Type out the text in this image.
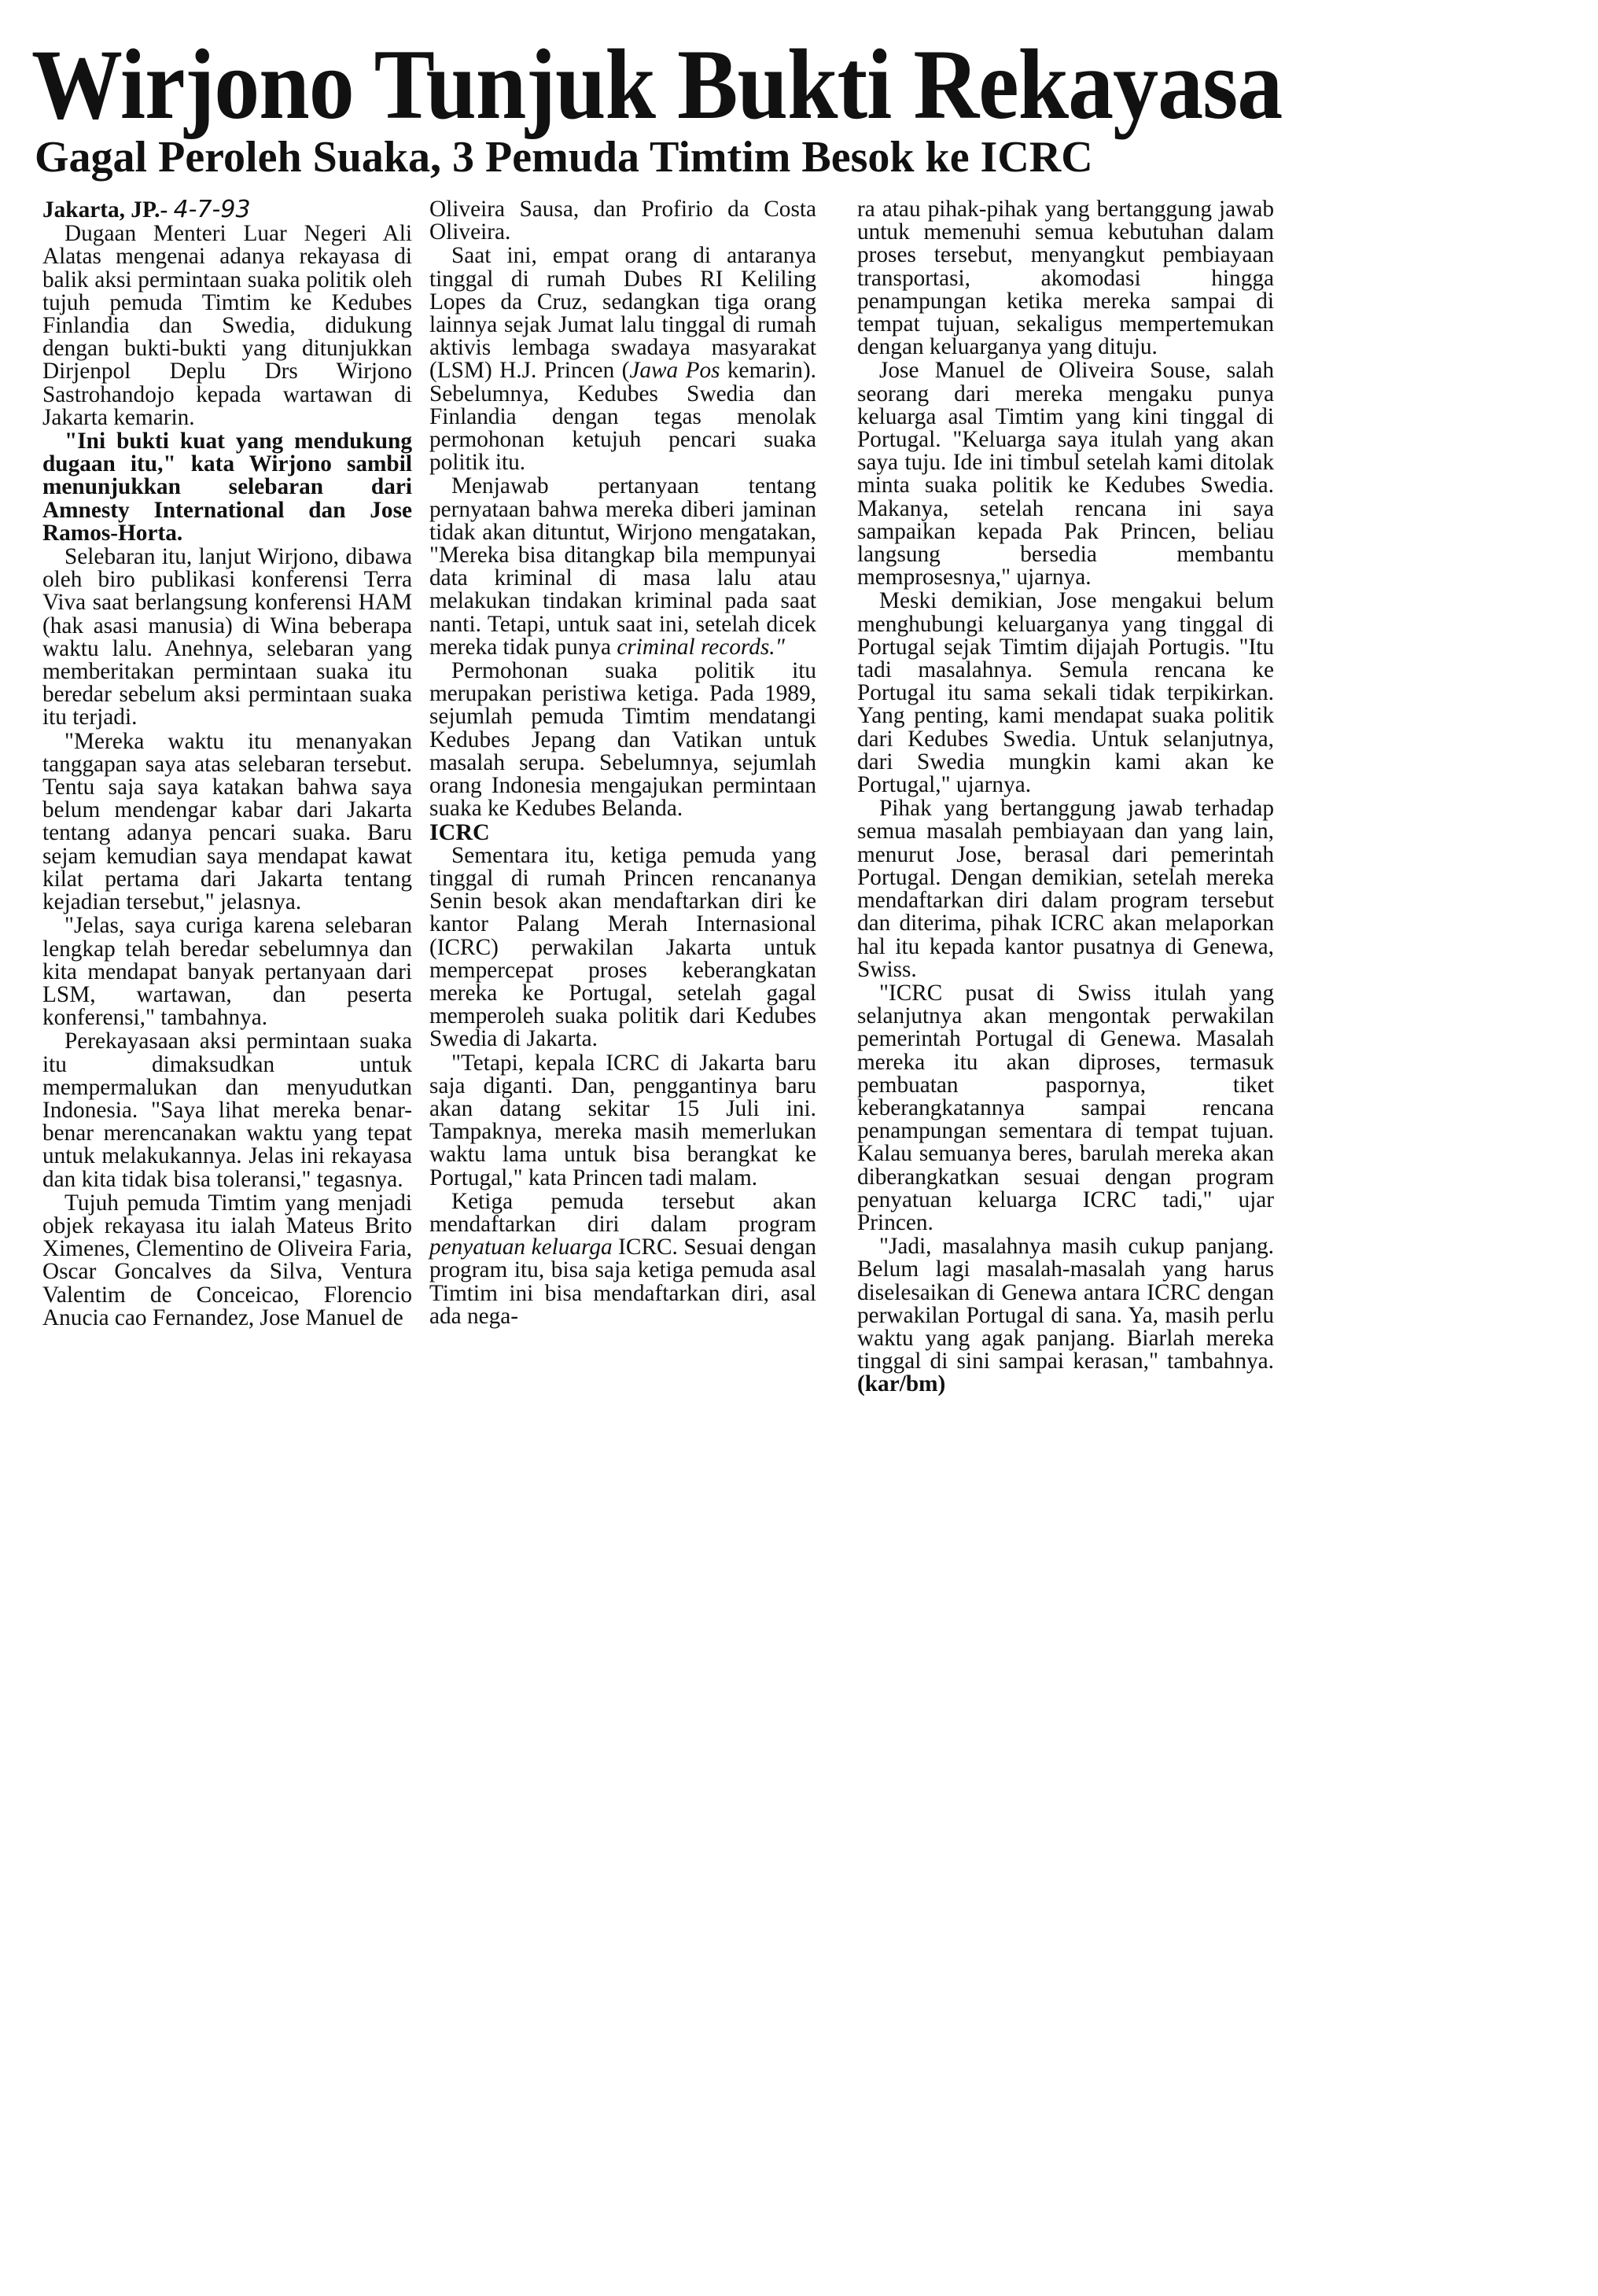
Wirjono Tunjuk Bukti Rekayasa
Gagal Peroleh Suaka, 3 Pemuda Timtim Besok ke ICRC

Jakarta, JP.- 4-7-93

Dugaan Menteri Luar Negeri Ali Alatas mengenai adanya rekayasa di balik aksi permintaan suaka politik oleh tujuh pemuda Timtim ke Kedubes Finlandia dan Swedia, didukung dengan bukti-bukti yang ditunjukkan Dirjenpol Deplu Drs Wirjono Sastrohandojo kepada wartawan di Jakarta kemarin.

"Ini bukti kuat yang mendukung dugaan itu," kata Wirjono sambil menunjukkan selebaran dari Amnesty International dan Jose Ramos-Horta.

Selebaran itu, lanjut Wirjono, dibawa oleh biro publikasi konferensi Terra Viva saat berlangsung konferensi HAM (hak asasi manusia) di Wina beberapa waktu lalu. Anehnya, selebaran yang memberitakan permintaan suaka itu beredar sebelum aksi permintaan suaka itu terjadi.

"Mereka waktu itu menanyakan tanggapan saya atas selebaran tersebut. Tentu saja saya katakan bahwa saya belum mendengar kabar dari Jakarta tentang adanya pencari suaka. Baru sejam kemudian saya mendapat kawat kilat pertama dari Jakarta tentang kejadian tersebut," jelasnya.

"Jelas, saya curiga karena selebaran lengkap telah beredar sebelumnya dan kita mendapat banyak pertanyaan dari LSM, wartawan, dan peserta konferensi," tambahnya.

Perekayasaan aksi permintaan suaka itu dimaksudkan untuk mempermalukan dan menyudutkan Indonesia. "Saya lihat mereka benar-benar merencanakan waktu yang tepat untuk melakukannya. Jelas ini rekayasa dan kita tidak bisa toleransi," tegasnya.

Tujuh pemuda Timtim yang menjadi objek rekayasa itu ialah Mateus Brito Ximenes, Clementino de Oliveira Faria, Oscar Goncalves da Silva, Ventura Valentim de Conceicao, Florencio Anucia cao Fernandez, Jose Manuel de

Oliveira Sausa, dan Profirio da Costa Oliveira.

Saat ini, empat orang di antaranya tinggal di rumah Dubes RI Keliling Lopes da Cruz, sedangkan tiga orang lainnya sejak Jumat lalu tinggal di rumah aktivis lembaga swadaya masyarakat (LSM) H.J. Princen (Jawa Pos kemarin). Sebelumnya, Kedubes Swedia dan Finlandia dengan tegas menolak permohonan ketujuh pencari suaka politik itu.

Menjawab pertanyaan tentang pernyataan bahwa mereka diberi jaminan tidak akan dituntut, Wirjono mengatakan, "Mereka bisa ditangkap bila mempunyai data kriminal di masa lalu atau melakukan tindakan kriminal pada saat nanti. Tetapi, untuk saat ini, setelah dicek mereka tidak punya criminal records."

Permohonan suaka politik itu merupakan peristiwa ketiga. Pada 1989, sejumlah pemuda Timtim mendatangi Kedubes Jepang dan Vatikan untuk masalah serupa. Sebelumnya, sejumlah orang Indonesia mengajukan permintaan suaka ke Kedubes Belanda.

ICRC

Sementara itu, ketiga pemuda yang tinggal di rumah Princen rencananya Senin besok akan mendaftarkan diri ke kantor Palang Merah Internasional (ICRC) perwakilan Jakarta untuk mempercepat proses keberangkatan mereka ke Portugal, setelah gagal memperoleh suaka politik dari Kedubes Swedia di Jakarta.

"Tetapi, kepala ICRC di Jakarta baru saja diganti. Dan, penggantinya baru akan datang sekitar 15 Juli ini. Tampaknya, mereka masih memerlukan waktu lama untuk bisa berangkat ke Portugal," kata Princen tadi malam.

Ketiga pemuda tersebut akan mendaftarkan diri dalam program penyatuan keluarga ICRC. Sesuai dengan program itu, bisa saja ketiga pemuda asal Timtim ini bisa mendaftarkan diri, asal ada nega-

ra atau pihak-pihak yang bertanggung jawab untuk memenuhi semua kebutuhan dalam proses tersebut, menyangkut pembiayaan transportasi, akomodasi hingga penampungan ketika mereka sampai di tempat tujuan, sekaligus mempertemukan dengan keluarganya yang dituju.

Jose Manuel de Oliveira Souse, salah seorang dari mereka mengaku punya keluarga asal Timtim yang kini tinggal di Portugal. "Keluarga saya itulah yang akan saya tuju. Ide ini timbul setelah kami ditolak minta suaka politik ke Kedubes Swedia. Makanya, setelah rencana ini saya sampaikan kepada Pak Princen, beliau langsung bersedia membantu memprosesnya," ujarnya.

Meski demikian, Jose mengakui belum menghubungi keluarganya yang tinggal di Portugal sejak Timtim dijajah Portugis. "Itu tadi masalahnya. Semula rencana ke Portugal itu sama sekali tidak terpikirkan. Yang penting, kami mendapat suaka politik dari Kedubes Swedia. Untuk selanjutnya, dari Swedia mungkin kami akan ke Portugal," ujarnya.

Pihak yang bertanggung jawab terhadap semua masalah pembiayaan dan yang lain, menurut Jose, berasal dari pemerintah Portugal. Dengan demikian, setelah mereka mendaftarkan diri dalam program tersebut dan diterima, pihak ICRC akan melaporkan hal itu kepada kantor pusatnya di Genewa, Swiss.

"ICRC pusat di Swiss itulah yang selanjutnya akan mengontak perwakilan pemerintah Portugal di Genewa. Masalah mereka itu akan diproses, termasuk pembuatan paspornya, tiket keberangkatannya sampai rencana penampungan sementara di tempat tujuan. Kalau semuanya beres, barulah mereka akan diberangkatkan sesuai dengan program penyatuan keluarga ICRC tadi," ujar Princen.

"Jadi, masalahnya masih cukup panjang. Belum lagi masalah-masalah yang harus diselesaikan di Genewa antara ICRC dengan perwakilan Portugal di sana. Ya, masih perlu waktu yang agak panjang. Biarlah mereka tinggal di sini sampai kerasan," tambahnya. (kar/bm)
